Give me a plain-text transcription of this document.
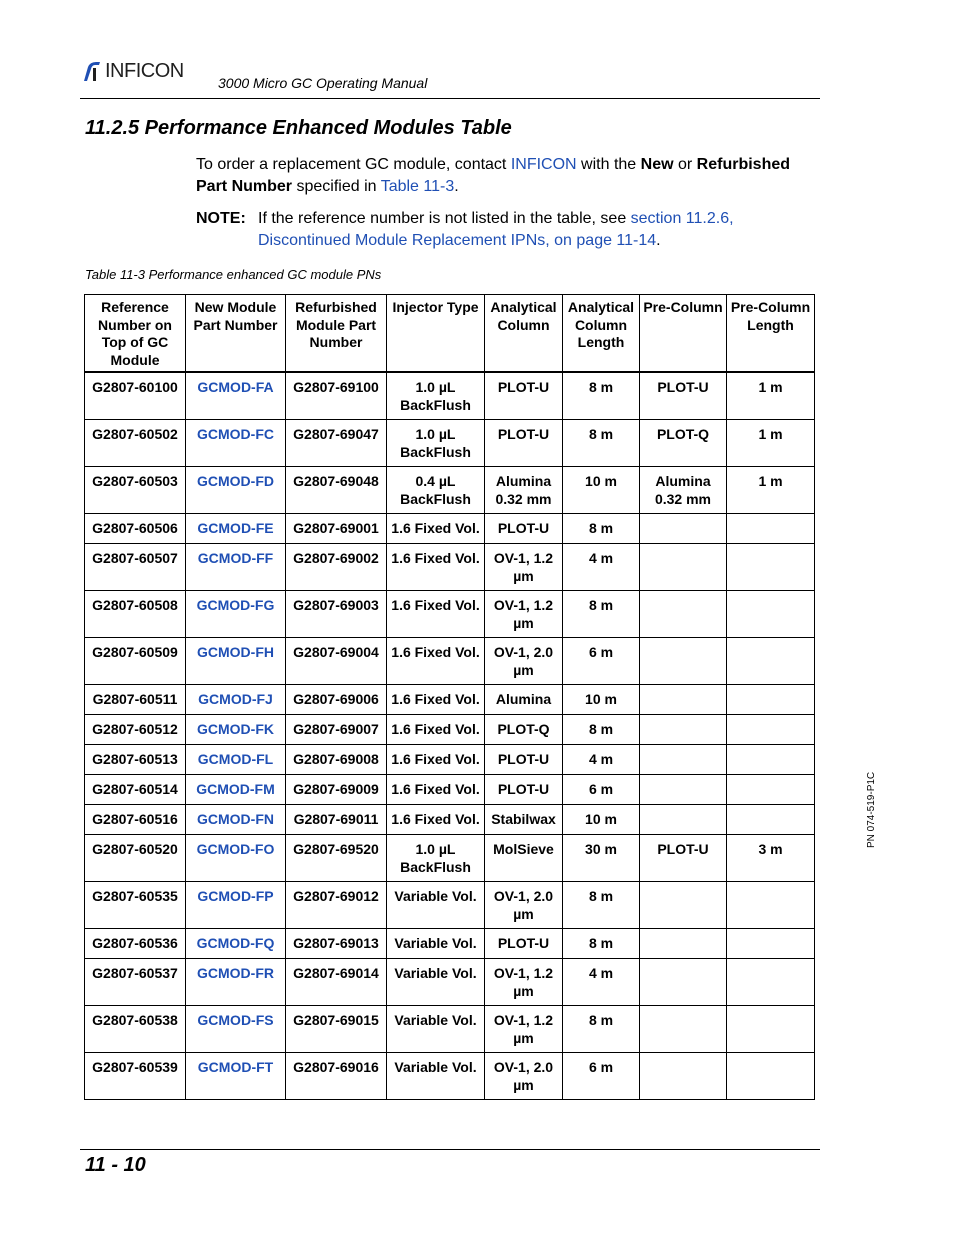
INFICON
3000 Micro GC Operating Manual
11.2.5 Performance Enhanced Modules Table
To order a replacement GC module, contact INFICON with the New or Refurbished Part Number specified in Table 11-3.
NOTE: If the reference number is not listed in the table, see section 11.2.6, Discontinued Module Replacement IPNs, on page 11-14.
Table 11-3 Performance enhanced GC module PNs
Reference Number on Top of GC Module	New Module Part Number	Refurbished Module Part Number	Injector Type	Analytical Column	Analytical Column Length	Pre-Column	Pre-Column Length
G2807-60100	GCMOD-FA	G2807-69100	1.0 µL BackFlush	PLOT-U	8 m	PLOT-U	1 m
G2807-60502	GCMOD-FC	G2807-69047	1.0 µL BackFlush	PLOT-U	8 m	PLOT-Q	1 m
G2807-60503	GCMOD-FD	G2807-69048	0.4 µL BackFlush	Alumina 0.32 mm	10 m	Alumina 0.32 mm	1 m
G2807-60506	GCMOD-FE	G2807-69001	1.6 Fixed Vol.	PLOT-U	8 m		
G2807-60507	GCMOD-FF	G2807-69002	1.6 Fixed Vol.	OV-1, 1.2 µm	4 m		
G2807-60508	GCMOD-FG	G2807-69003	1.6 Fixed Vol.	OV-1, 1.2 µm	8 m		
G2807-60509	GCMOD-FH	G2807-69004	1.6 Fixed Vol.	OV-1, 2.0 µm	6 m		
G2807-60511	GCMOD-FJ	G2807-69006	1.6 Fixed Vol.	Alumina	10 m		
G2807-60512	GCMOD-FK	G2807-69007	1.6 Fixed Vol.	PLOT-Q	8 m		
G2807-60513	GCMOD-FL	G2807-69008	1.6 Fixed Vol.	PLOT-U	4 m		
G2807-60514	GCMOD-FM	G2807-69009	1.6 Fixed Vol.	PLOT-U	6 m		
G2807-60516	GCMOD-FN	G2807-69011	1.6 Fixed Vol.	Stabilwax	10 m		
G2807-60520	GCMOD-FO	G2807-69520	1.0 µL BackFlush	MolSieve	30 m	PLOT-U	3 m
G2807-60535	GCMOD-FP	G2807-69012	Variable Vol.	OV-1, 2.0 µm	8 m		
G2807-60536	GCMOD-FQ	G2807-69013	Variable Vol.	PLOT-U	8 m		
G2807-60537	GCMOD-FR	G2807-69014	Variable Vol.	OV-1, 1.2 µm	4 m		
G2807-60538	GCMOD-FS	G2807-69015	Variable Vol.	OV-1, 1.2 µm	8 m		
G2807-60539	GCMOD-FT	G2807-69016	Variable Vol.	OV-1, 2.0 µm	6 m		
11 - 10
PN 074-519-P1C
